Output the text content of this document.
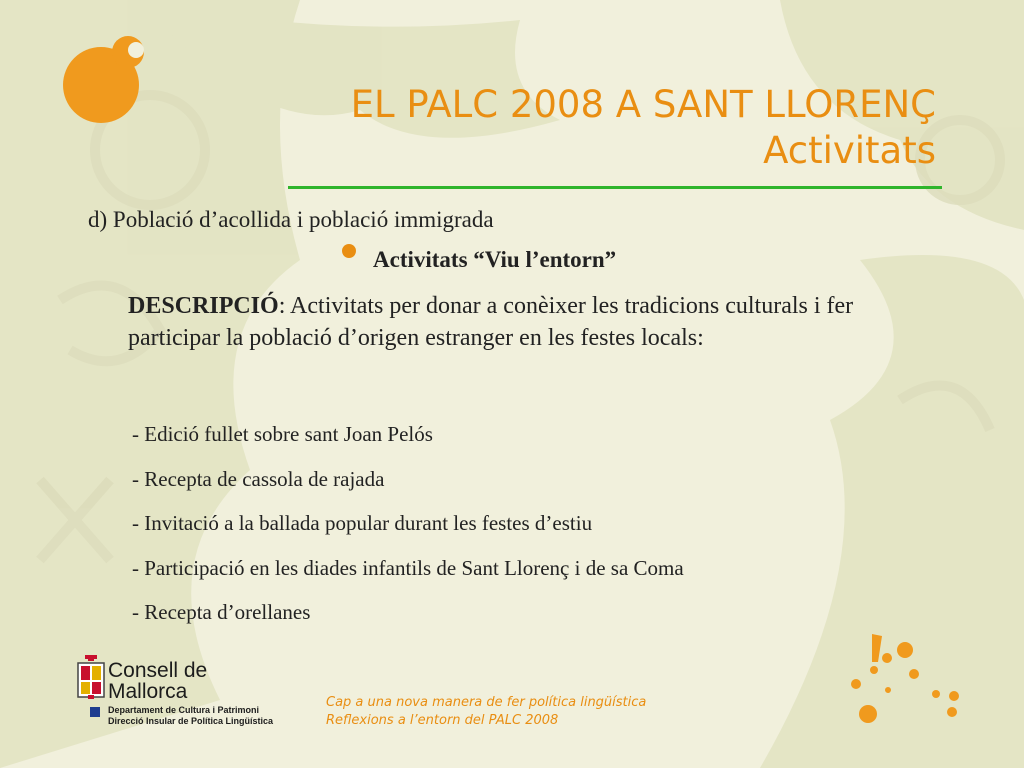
EL PALC 2008 A SANT LLORENÇ
Activitats
d) Població d’acollida i població immigrada
Activitats “Viu l’entorn”
DESCRIPCIÓ: Activitats per donar a conèixer les tradicions culturals i fer participar la població d’origen estranger en les festes locals:
- Edició fullet sobre sant Joan Pelós
- Recepta de cassola de rajada
- Invitació a la ballada popular durant les festes d’estiu
- Participació en les diades infantils de Sant Llorenç i de sa Coma
- Recepta d’orellanes
Consell de
Mallorca
Departament de Cultura i Patrimoni
Direcció Insular de Política Lingüística
Cap a una nova manera de fer política lingüística
Reflexions a l’entorn del PALC 2008
